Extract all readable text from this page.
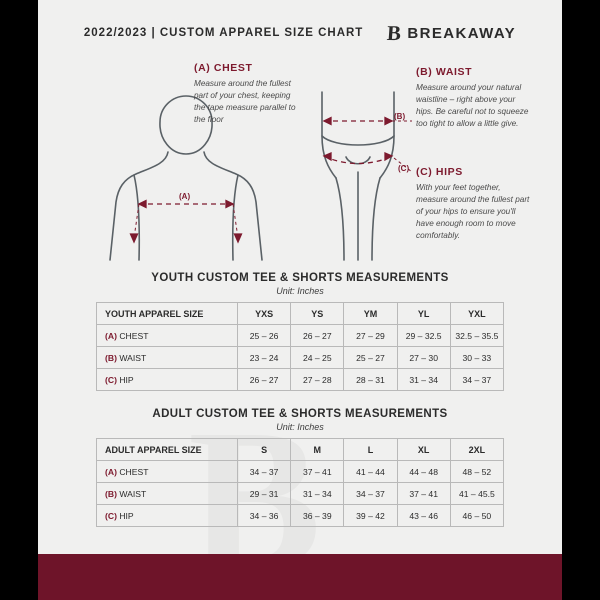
2022/2023 | CUSTOM APPAREL SIZE CHART B BREAKAWAY
(A)
(B)
(C)
(A) CHEST
Measure around the fullest part of your chest, keeping the tape measure parallel to the floor
(B) WAIST
Measure around your natural waistline – right above your hips. Be careful not to squeeze too tight to allow a little give.
(C) HIPS
With your feet together, measure around the fullest part of your hips to ensure you'll have enough room to move comfortably.
YOUTH CUSTOM TEE & SHORTS MEASUREMENTS
Unit: Inches
YOUTH APPAREL SIZE	YXS	YS	YM	YL	YXL
(A) CHEST	25 – 26	26 – 27	27 – 29	29 – 32.5	32.5 – 35.5
(B) WAIST	23 – 24	24 – 25	25 – 27	27 – 30	30 – 33
(C) HIP	26 – 27	27 – 28	28 – 31	31 – 34	34 – 37
ADULT CUSTOM TEE & SHORTS MEASUREMENTS
Unit: Inches
ADULT APPAREL SIZE	S	M	L	XL	2XL
(A) CHEST	34 – 37	37 – 41	41 – 44	44 – 48	48 – 52
(B) WAIST	29 – 31	31 – 34	34 – 37	37 – 41	41 – 45.5
(C) HIP	34 – 36	36 – 39	39 – 42	43 – 46	46 – 50
